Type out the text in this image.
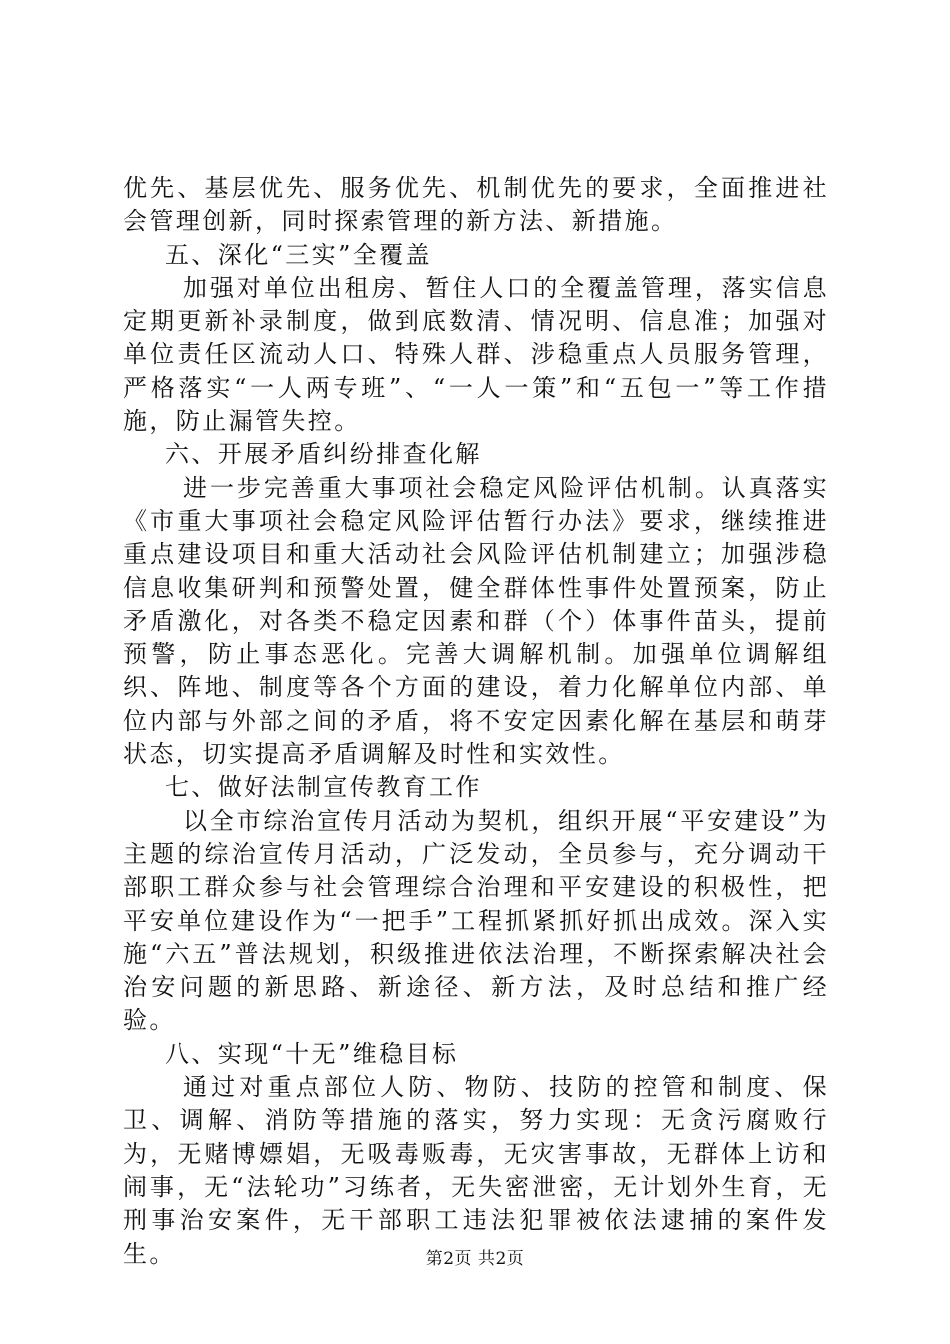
优先、基层优先、服务优先、机制优先的要求，全面推进社会管理创新，同时探索管理的新方法、新措施。

五、深化“三实”全覆盖

加强对单位出租房、暂住人口的全覆盖管理，落实信息定期更新补录制度，做到底数清、情况明、信息准；加强对单位责任区流动人口、特殊人群、涉稳重点人员服务管理，严格落实“一人两专班”、“一人一策”和“五包一”等工作措施，防止漏管失控。

六、开展矛盾纠纷排查化解

进一步完善重大事项社会稳定风险评估机制。认真落实《市重大事项社会稳定风险评估暂行办法》要求，继续推进重点建设项目和重大活动社会风险评估机制建立；加强涉稳信息收集研判和预警处置，健全群体性事件处置预案，防止矛盾激化，对各类不稳定因素和群（个）体事件苗头，提前预警，防止事态恶化。完善大调解机制。加强单位调解组织、阵地、制度等各个方面的建设，着力化解单位内部、单位内部与外部之间的矛盾，将不安定因素化解在基层和萌芽状态，切实提高矛盾调解及时性和实效性。

七、做好法制宣传教育工作

以全市综治宣传月活动为契机，组织开展“平安建设”为主题的综治宣传月活动，广泛发动，全员参与，充分调动干部职工群众参与社会管理综合治理和平安建设的积极性，把平安单位建设作为“一把手”工程抓紧抓好抓出成效。深入实施“六五”普法规划，积级推进依法治理，不断探索解决社会治安问题的新思路、新途径、新方法，及时总结和推广经验。

八、实现“十无”维稳目标

通过对重点部位人防、物防、技防的控管和制度、保卫、调解、消防等措施的落实，努力实现：无贪污腐败行为，无赌博嫖娼，无吸毒贩毒，无灾害事故，无群体上访和闹事，无“法轮功”习练者，无失密泄密，无计划外生育，无刑事治安案件，无干部职工违法犯罪被依法逮捕的案件发生。	第2页 共2页
